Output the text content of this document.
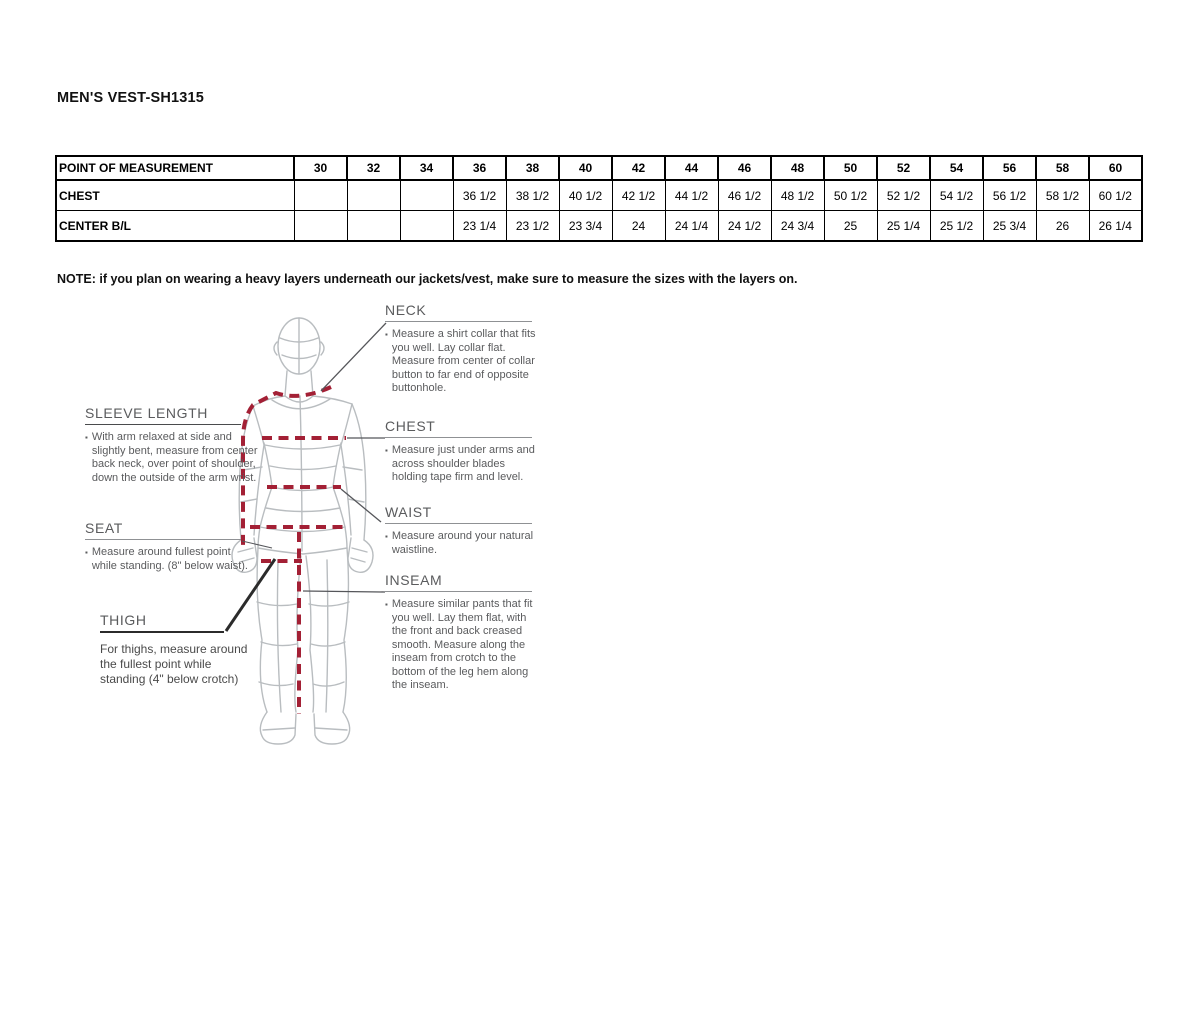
MEN'S VEST-SH1315
POINT OF MEASUREMENT	30	32	34	36	38	40	42	44	46	48	50	52	54	56	58	60
CHEST				36 1/2	38 1/2	40 1/2	42 1/2	44 1/2	46 1/2	48 1/2	50 1/2	52 1/2	54 1/2	56 1/2	58 1/2	60 1/2
CENTER B/L				23 1/4	23 1/2	23 3/4	24	24 1/4	24 1/2	24 3/4	25	25 1/4	25 1/2	25 3/4	26	26 1/4
NOTE: if you plan on wearing a heavy layers underneath our jackets/vest, make sure to measure the sizes with the layers on.
NECK
▪ Measure a shirt collar that fits you well. Lay collar flat. Measure from center of collar button to far end of opposite buttonhole.
CHEST
▪ Measure just under arms and across shoulder blades holding tape firm and level.
WAIST
▪ Measure around your natural waistline.
INSEAM
▪ Measure similar pants that fit you well. Lay them flat, with the front and back creased smooth. Measure along the inseam from crotch to the bottom of the leg hem along the inseam.
SLEEVE LENGTH
▪ With arm relaxed at side and slightly bent, measure from center back neck, over point of shoulder, down the outside of the arm wrist.
SEAT
▪ Measure around fullest point while standing. (8" below waist).
THIGH
For thighs, measure around the fullest point while standing (4" below crotch)
